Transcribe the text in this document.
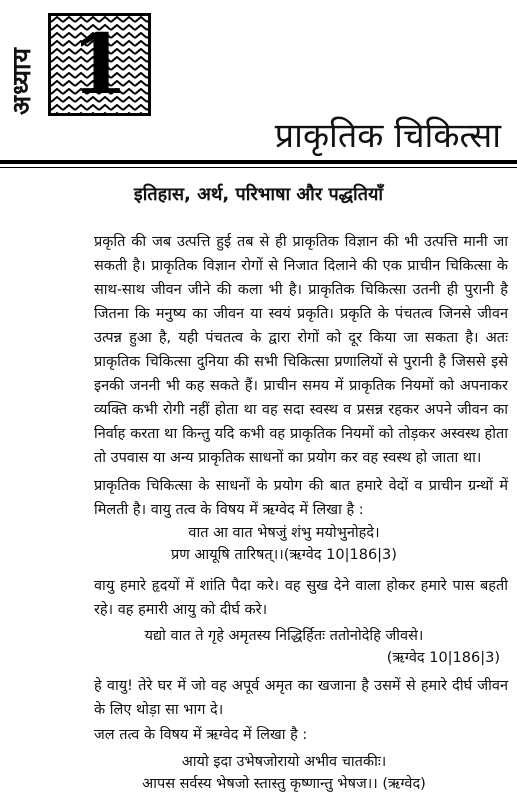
अध्याय 1
प्राकृतिक चिकित्सा
इतिहास, अर्थ, परिभाषा और पद्धतियाँ
प्रकृति की जब उत्पत्ति हुई तब से ही प्राकृतिक विज्ञान की भी उत्पत्ति मानी जा सकती है। प्राकृतिक विज्ञान रोगों से निजात दिलाने की एक प्राचीन चिकित्सा के साथ-साथ जीवन जीने की कला भी है। प्राकृतिक चिकित्सा उतनी ही पुरानी है जितना कि मनुष्य का जीवन या स्वयं प्रकृति। प्रकृति के पंचतत्व जिनसे जीवन उत्पन्न हुआ है, यही पंचतत्व के द्वारा रोगों को दूर किया जा सकता है। अतः प्राकृतिक चिकित्सा दुनिया की सभी चिकित्सा प्रणालियों से पुरानी है जिससे इसे इनकी जननी भी कह सकते हैं। प्राचीन समय में प्राकृतिक नियमों को अपनाकर व्यक्ति कभी रोगी नहीं होता था वह सदा स्वस्थ व प्रसन्न रहकर अपने जीवन का निर्वाह करता था किन्तु यदि कभी वह प्राकृतिक नियमों को तोड़कर अस्वस्थ होता तो उपवास या अन्य प्राकृतिक साधनों का प्रयोग कर वह स्वस्थ हो जाता था।
प्राकृतिक चिकित्सा के साधनों के प्रयोग की बात हमारे वेदों व प्राचीन ग्रन्थों में मिलती है। वायु तत्व के विषय में ऋग्वेद में लिखा है :
वात आ वात भेषजुं शंभु मयोभुनोहदे।
प्रण आयूषि तारिषत्।।(ऋग्वेद 10|186|3)
वायु हमारे हृदयों में शांति पैदा करे। वह सुख देने वाला होकर हमारे पास बहती रहे। वह हमारी आयु को दीर्घ करे।
यद्यो वात ते गृहे अमृतस्य निद्धिर्हितः ततोनोदेहि जीवसे।
(ऋग्वेद 10|186|3)
हे वायु! तेरे घर में जो वह अपूर्व अमृत का खजाना है उसमें से हमारे दीर्घ जीवन के लिए थोड़ा सा भाग दे।
जल तत्व के विषय में ऋग्वेद में लिखा है :
आयो इदा उभेषजोरायो अभीव चातकीः।
आपस सर्वस्य भेषजो स्तास्तु कृष्णान्तु भेषज।। (ऋग्वेद)
